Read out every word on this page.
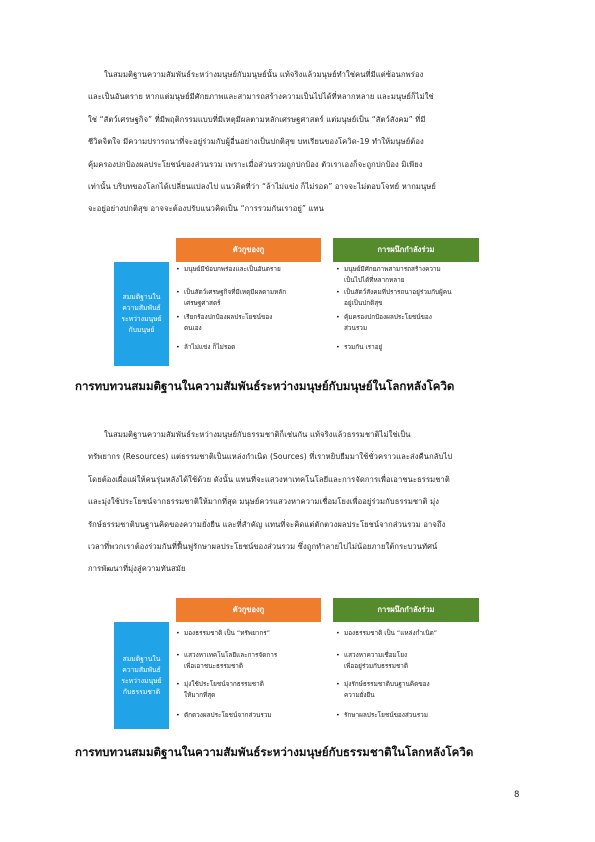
ในสมมติฐานความสัมพันธ์ระหว่างมนุษย์กับมนุษย์นั้น แท้จริงแล้วมนุษย์ทำใช่คนที่มีแต่ซ้อนกพร่อง
และเป็นอันตราย หากแต่มนุษย์มีศักยภาพและสามารถสร้างความเป็นไปได้ที่หลากหลาย และมนุษย์ก็ไม่ใช่
ใช่ “สัตว์เศรษฐกิจ” ที่มีพฤติกรรมแบบที่มีเหตุมีผลตามหลักเศรษฐศาสตร์ แต่มนุษย์เป็น “สัตว์สังคม” ที่มี
ชีวิตจิตใจ มีความปรารถนาที่จะอยู่ร่วมกับผู้อื่นอย่างเป็นปกติสุข บทเรียนของโควิด-19 ทำให้มนุษย์ต้อง
คุ้มครองปกป้องผลประโยชน์ของส่วนรวม เพราะเมื่อส่วนรวมถูกปกป้อง ตัวเราเองก็จะถูกปกป้อง มิเพียง
เท่านั้น บริบทของโลกได้เปลี่ยนแปลงไป แนวคิดที่ว่า “ล้าไม่แข่ง ก็ไม่รอด” อาจจะไม่ตอบโจทย์ หากมนุษย์
จะอยู่อย่างปกติสุข อาจจะต้องปรับแนวคิดเป็น “การรวมกันเราอยู่” แทน
ตัวกูของกู	การผนึกกำลังร่วม
สมมติฐานใน
ความสัมพันธ์
ระหว่างมนุษย์
กับมนุษย์
• มนุษย์มีข้อบกพร่องและเป็นอันตราย
• เป็นสัตว์เศรษฐกิจที่มีเหตุมีผลตามหลัก
เศรษฐศาสตร์
• เรียกร้องปกป้องผลประโยชน์ของ
ตนเอง
• ล้าไม่แข่ง ก็ไม่รอด
• มนุษย์มีศักยภาพสามารถสร้างความ
เป็นไปได้ที่หลากหลาย
• เป็นสัตว์สังคมที่ปรารถนาอยู่ร่วมกับผู้คน
อยู่เป็นปกติสุข
• คุ้มครองปกป้องผลประโยชน์ของ
ส่วนรวม
• รวมกัน เราอยู่
การทบทวนสมมติฐานในความสัมพันธ์ระหว่างมนุษย์กับมนุษย์ในโลกหลังโควิด
ในสมมติฐานความสัมพันธ์ระหว่างมนุษย์กับธรรมชาติก็เช่นกัน แท้จริงแล้วธรรมชาติไม่ใช่เป็น
ทรัพยากร (Resources) แต่ธรรมชาติเป็นแหล่งกำเนิด (Sources) ที่เราหยิบยืมมาใช้ชั่วคราวและส่งคืนกลับไป
โดยต้องเผื่อแผ่ให้คนรุ่นหลังได้ใช้ด้วย ดังนั้น แทนที่จะแสวงหาเทคโนโลยีและการจัดการเพื่อเอาชนะธรรมชาติ
และมุ่งใช้ประโยชน์จากธรรมชาติให้มากที่สุด มนุษย์ควรแสวงหาความเชื่อมโยงเพื่ออยู่ร่วมกับธรรมชาติ มุ่ง
รักษ์ธรรมชาติบนฐานคิดของความยั่งยืน และที่สำคัญ แทนที่จะคิดแต่ตักตวงผลประโยชน์จากส่วนรวม อาจถึง
เวลาที่พวกเราต้องร่วมกันที่ฟื้นฟูรักษาผลประโยชน์ของส่วนรวม ซึ่งถูกทำลายไปไม่น้อยภายใต้กระบวนทัศน์
การพัฒนาที่มุ่งสู่ความทันสมัย
ตัวกูของกู	การผนึกกำลังร่วม
สมมติฐานใน
ความสัมพันธ์
ระหว่างมนุษย์
กับธรรมชาติ
• มองธรรมชาติ เป็น “ทรัพยากร”
• แสวงหาเทคโนโลยีและการจัดการ
เพื่อเอาชนะธรรมชาติ
• มุ่งใช้ประโยชน์จากธรรมชาติ
ให้มากที่สุด
• ตักตวงผลประโยชน์จากส่วนรวม
• มองธรรมชาติ เป็น “แหล่งกำเนิด”
• แสวงหาความเชื่อมโยง
เพื่ออยู่ร่วมกับธรรมชาติ
• มุ่งรักษ์ธรรมชาติบนฐานคิดของ
ความยั่งยืน
• รักษาผลประโยชน์ของส่วนรวม
การทบทวนสมมติฐานในความสัมพันธ์ระหว่างมนุษย์กับธรรมชาติในโลกหลังโควิด
8
